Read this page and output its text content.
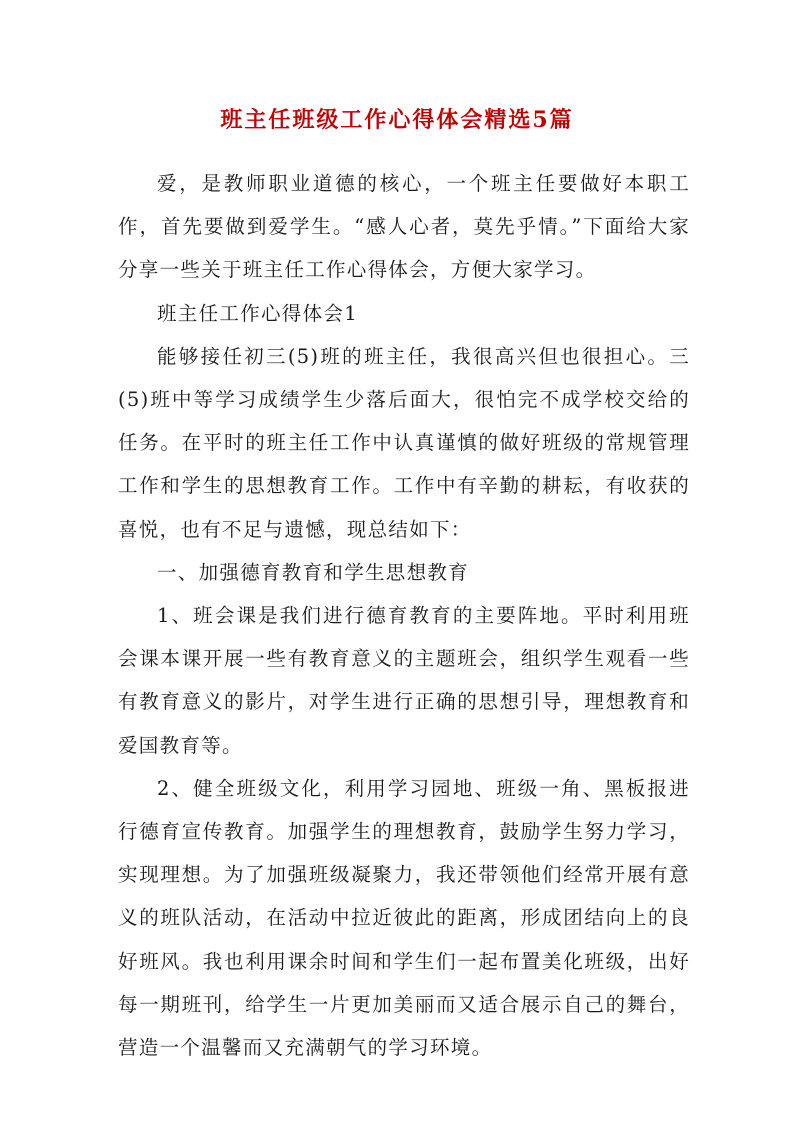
班主任班级工作心得体会精选5篇

爱，是教师职业道德的核心，一个班主任要做好本职工作，首先要做到爱学生。“感人心者，莫先乎情。”下面给大家分享一些关于班主任工作心得体会，方便大家学习。

班主任工作心得体会1

能够接任初三(5)班的班主任，我很高兴但也很担心。三(5)班中等学习成绩学生少落后面大，很怕完不成学校交给的任务。在平时的班主任工作中认真谨慎的做好班级的常规管理工作和学生的思想教育工作。工作中有辛勤的耕耘，有收获的喜悦，也有不足与遗憾，现总结如下：

一、加强德育教育和学生思想教育

1、班会课是我们进行德育教育的主要阵地。平时利用班会课本课开展一些有教育意义的主题班会，组织学生观看一些有教育意义的影片，对学生进行正确的思想引导，理想教育和爱国教育等。

2、健全班级文化，利用学习园地、班级一角、黑板报进行德育宣传教育。加强学生的理想教育，鼓励学生努力学习，实现理想。为了加强班级凝聚力，我还带领他们经常开展有意义的班队活动，在活动中拉近彼此的距离，形成团结向上的良好班风。我也利用课余时间和学生们一起布置美化班级，出好每一期班刊，给学生一片更加美丽而又适合展示自己的舞台，营造一个温馨而又充满朝气的学习环境。
